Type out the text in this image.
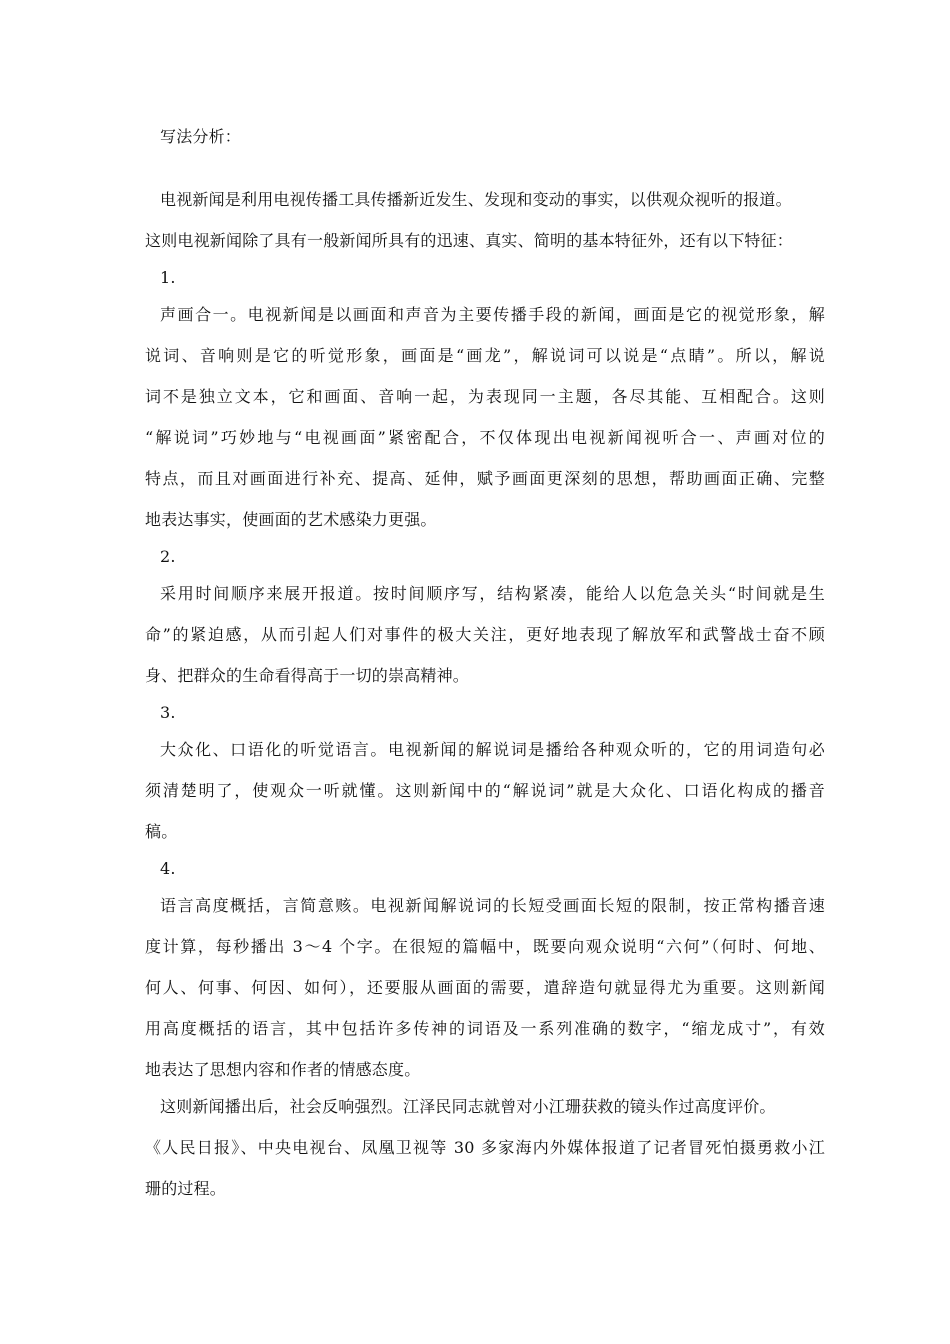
写法分析：
电视新闻是利用电视传播工具传播新近发生、发现和变动的事实，以供观众视听的报道。
这则电视新闻除了具有一般新闻所具有的迅速、真实、简明的基本特征外，还有以下特征：
1.
声画合一。电视新闻是以画面和声音为主要传播手段的新闻，画面是它的视觉形象，解
说词、音响则是它的听觉形象，画面是“画龙”，解说词可以说是“点睛”。所以，解说
词不是独立文本，它和画面、音响一起，为表现同一主题，各尽其能、互相配合。这则
“解说词”巧妙地与“电视画面”紧密配合，不仅体现出电视新闻视听合一、声画对位的
特点，而且对画面进行补充、提高、延伸，赋予画面更深刻的思想，帮助画面正确、完整
地表达事实，使画面的艺术感染力更强。
2.
采用时间顺序来展开报道。按时间顺序写，结构紧凑，能给人以危急关头“时间就是生
命”的紧迫感，从而引起人们对事件的极大关注，更好地表现了解放军和武警战士奋不顾
身、把群众的生命看得高于一切的崇高精神。
3.
大众化、口语化的听觉语言。电视新闻的解说词是播给各种观众听的，它的用词造句必
须清楚明了，使观众一听就懂。这则新闻中的“解说词”就是大众化、口语化构成的播音
稿。
4.
语言高度概括，言简意赅。电视新闻解说词的长短受画面长短的限制，按正常构播音速
度计算，每秒播出 3～4 个字。在很短的篇幅中，既要向观众说明“六何”（何时、何地、
何人、何事、何因、如何），还要服从画面的需要，遣辞造句就显得尤为重要。这则新闻
用高度概括的语言，其中包括许多传神的词语及一系列准确的数字，“缩龙成寸”，有效
地表达了思想内容和作者的情感态度。
这则新闻播出后，社会反响强烈。江泽民同志就曾对小江珊获救的镜头作过高度评价。
《人民日报》、中央电视台、凤凰卫视等 30 多家海内外媒体报道了记者冒死怕摄勇救小江
珊的过程。
